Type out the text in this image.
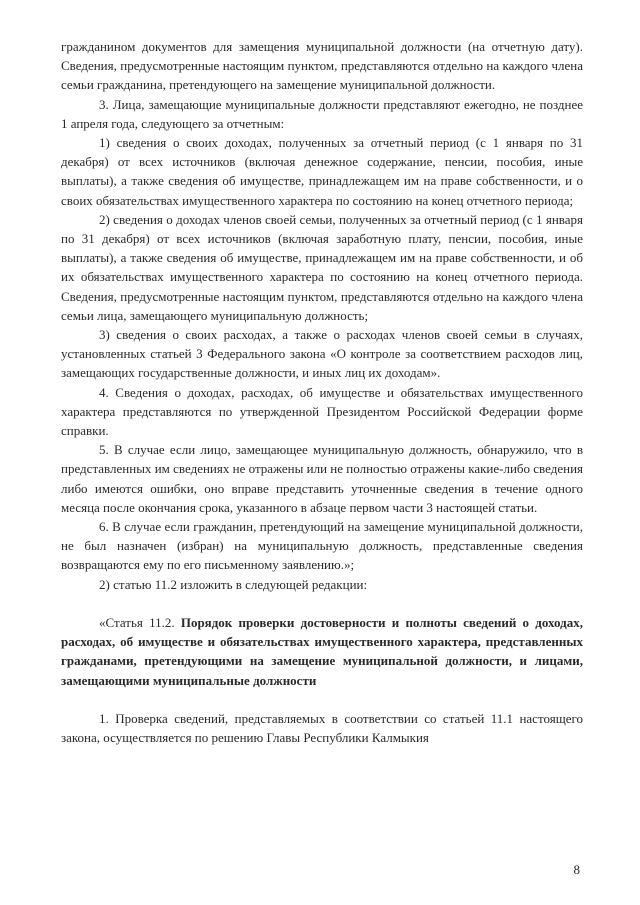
гражданином документов для замещения муниципальной должности (на отчетную дату). Сведения, предусмотренные настоящим пунктом, представляются отдельно на каждого члена семьи гражданина, претендующего на замещение муниципальной должности.

3. Лица, замещающие муниципальные должности представляют ежегодно, не позднее 1 апреля года, следующего за отчетным:

1) сведения о своих доходах, полученных за отчетный период (с 1 января по 31 декабря) от всех источников (включая денежное содержание, пенсии, пособия, иные выплаты), а также сведения об имуществе, принадлежащем им на праве собственности, и о своих обязательствах имущественного характера по состоянию на конец отчетного периода;

2) сведения о доходах членов своей семьи, полученных за отчетный период (с 1 января по 31 декабря) от всех источников (включая заработную плату, пенсии, пособия, иные выплаты), а также сведения об имуществе, принадлежащем им на праве собственности, и об их обязательствах имущественного характера по состоянию на конец отчетного периода. Сведения, предусмотренные настоящим пунктом, представляются отдельно на каждого члена семьи лица, замещающего муниципальную должность;

3) сведения о своих расходах, а также о расходах членов своей семьи в случаях, установленных статьей 3 Федерального закона «О контроле за соответствием расходов лиц, замещающих государственные должности, и иных лиц их доходам».

4. Сведения о доходах, расходах, об имуществе и обязательствах имущественного характера представляются по утвержденной Президентом Российской Федерации форме справки.

5. В случае если лицо, замещающее муниципальную должность, обнаружило, что в представленных им сведениях не отражены или не полностью отражены какие-либо сведения либо имеются ошибки, оно вправе представить уточненные сведения в течение одного месяца после окончания срока, указанного в абзаце первом части 3 настоящей статьи.

6. В случае если гражданин, претендующий на замещение муниципальной должности, не был назначен (избран) на муниципальную должность, представленные сведения возвращаются ему по его письменному заявлению.»;

2) статью 11.2 изложить в следующей редакции:

«Статья 11.2. Порядок проверки достоверности и полноты сведений о доходах, расходах, об имуществе и обязательствах имущественного характера, представленных гражданами, претендующими на замещение муниципальной должности, и лицами, замещающими муниципальные должности

1. Проверка сведений, представляемых в соответствии со статьей 11.1 настоящего закона, осуществляется по решению Главы Республики Калмыкия

8
